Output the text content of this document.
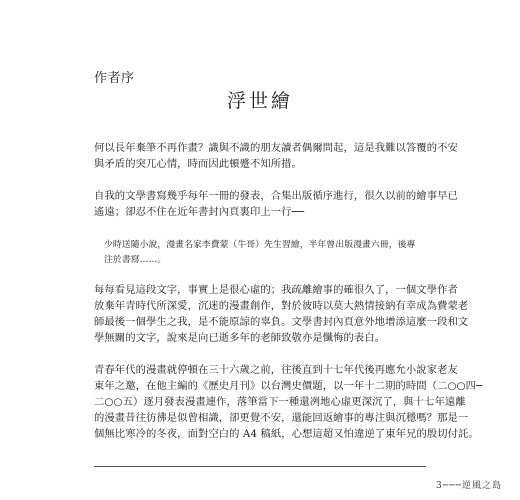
作者序
浮世繪

何以長年棄筆不再作畫？識與不識的朋友讀者偶爾問起，這是我難以答覆的不安
與矛盾的突兀心情，時而因此頓蹙不知所措。

自我的文學書寫幾乎每年一冊的發表，合集出版循序進行，很久以前的繪事早已
遙遠；卻忍不住在近年書封內頁裏印上一行──

少時送隨小說，漫畫名家李費蒙（牛哥）先生習繪，半年曾出版漫畫六冊，後專
注於書寫……。

每每看見這段文字，事實上是很心虛的；我疏離繪事的確很久了，一個文學作者
放棄年青時代所深愛，沉迷的漫畫創作，對於彼時以莫大熱情接納有幸成為費蒙老
師最後一個學生之我，是不能原諒的辜負。文學書封內頁意外地增添這麼一段和文
學無關的文字，說來是向已逝多年的老師致敬亦是懺悔的表白。

青春年代的漫畫就停頓在三十六歲之前，往後直到十七年代後再應允小說家老友
東年之邀，在他主編的《歷史月刊》以台灣史價題，以一年十二期的時間（二○○四─
二○○五）逐月發表漫畫連作，落筆當下一種還冽地心虛更深沉了，與十七年遠離
的漫畫昔往彷彿是似曾相識，卻更覺不安，還能回返繪事的專注與沉穩嗎？那是一
個無比寒冷的冬夜，面對空白的 A4 稿紙，心想這超又怕違逆了東年兄的殷切付託。

3───逆風之島
